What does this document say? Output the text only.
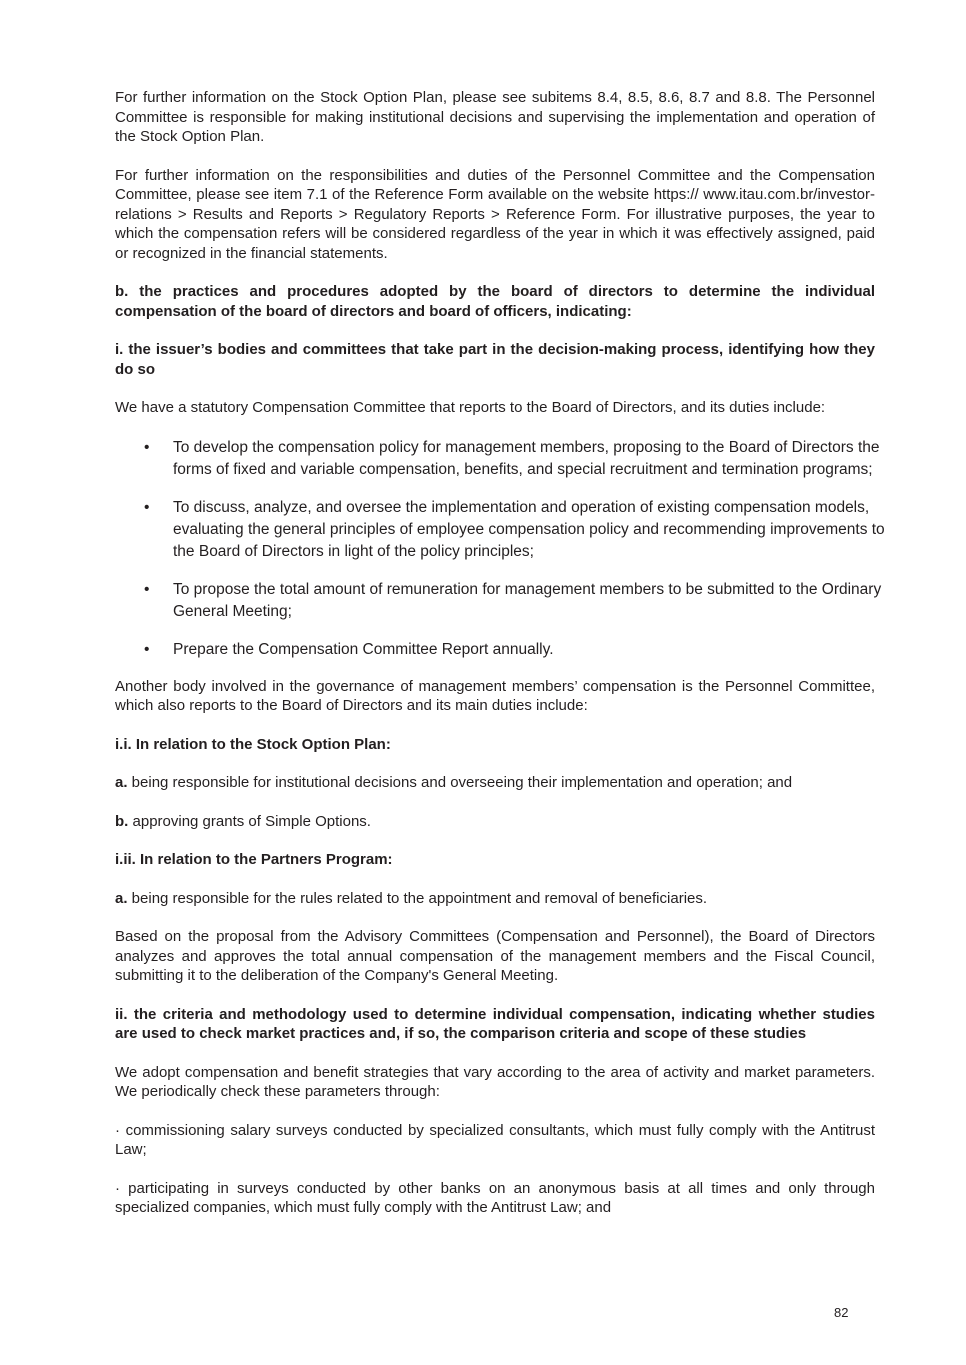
For further information on the Stock Option Plan, please see subitems 8.4, 8.5, 8.6, 8.7 and 8.8. The Personnel Committee is responsible for making institutional decisions and supervising the implementation and operation of the Stock Option Plan.

For further information on the responsibilities and duties of the Personnel Committee and the Compensation Committee, please see item 7.1 of the Reference Form available on the website https:// www.itau.com.br/investor-relations > Results and Reports > Regulatory Reports > Reference Form. For illustrative purposes, the year to which the compensation refers will be considered regardless of the year in which it was effectively assigned, paid or recognized in the financial statements.

b. the practices and procedures adopted by the board of directors to determine the individual compensation of the board of directors and board of officers, indicating:

i. the issuer’s bodies and committees that take part in the decision-making process, identifying how they do so

We have a statutory Compensation Committee that reports to the Board of Directors, and its duties include:

• To develop the compensation policy for management members, proposing to the Board of Directors the forms of fixed and variable compensation, benefits, and special recruitment and termination programs;
• To discuss, analyze, and oversee the implementation and operation of existing compensation models, evaluating the general principles of employee compensation policy and recommending improvements to the Board of Directors in light of the policy principles;
• To propose the total amount of remuneration for management members to be submitted to the Ordinary General Meeting;
• Prepare the Compensation Committee Report annually.

Another body involved in the governance of management members’ compensation is the Personnel Committee, which also reports to the Board of Directors and its main duties include:

i.i. In relation to the Stock Option Plan:

a. being responsible for institutional decisions and overseeing their implementation and operation; and

b. approving grants of Simple Options.

i.ii. In relation to the Partners Program:

a. being responsible for the rules related to the appointment and removal of beneficiaries.

Based on the proposal from the Advisory Committees (Compensation and Personnel), the Board of Directors analyzes and approves the total annual compensation of the management members and the Fiscal Council, submitting it to the deliberation of the Company's General Meeting.

ii. the criteria and methodology used to determine individual compensation, indicating whether studies are used to check market practices and, if so, the comparison criteria and scope of these studies

We adopt compensation and benefit strategies that vary according to the area of activity and market parameters. We periodically check these parameters through:

· commissioning salary surveys conducted by specialized consultants, which must fully comply with the Antitrust Law;

· participating in surveys conducted by other banks on an anonymous basis at all times and only through specialized companies, which must fully comply with the Antitrust Law; and

82
